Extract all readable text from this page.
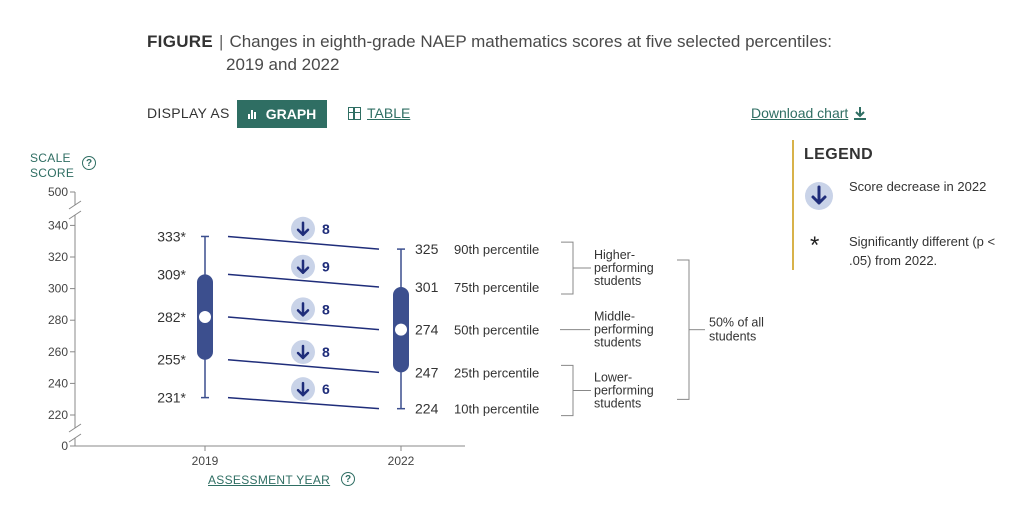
FIGURE | Changes in eighth-grade NAEP mathematics scores at five selected percentiles:
2019 and 2022
DISPLAY AS	GRAPH	TABLE	Download chart
LEGEND
Score decrease in 2022
* Significantly different (p < .05) from 2022.
SCALE SCORE
?
ASSESSMENT YEAR	?
0
220
240
260
280
300
320
340
500
2019	2022
333*
325 90th percentile
8
309*
301 75th percentile
9
282*
274 50th percentile
8
255*
247 25th percentile
8
231*
224 10th percentile
6
Higher-
performing
students
Middle-
performing
students
Lower-
performing
students
50% of all
students
